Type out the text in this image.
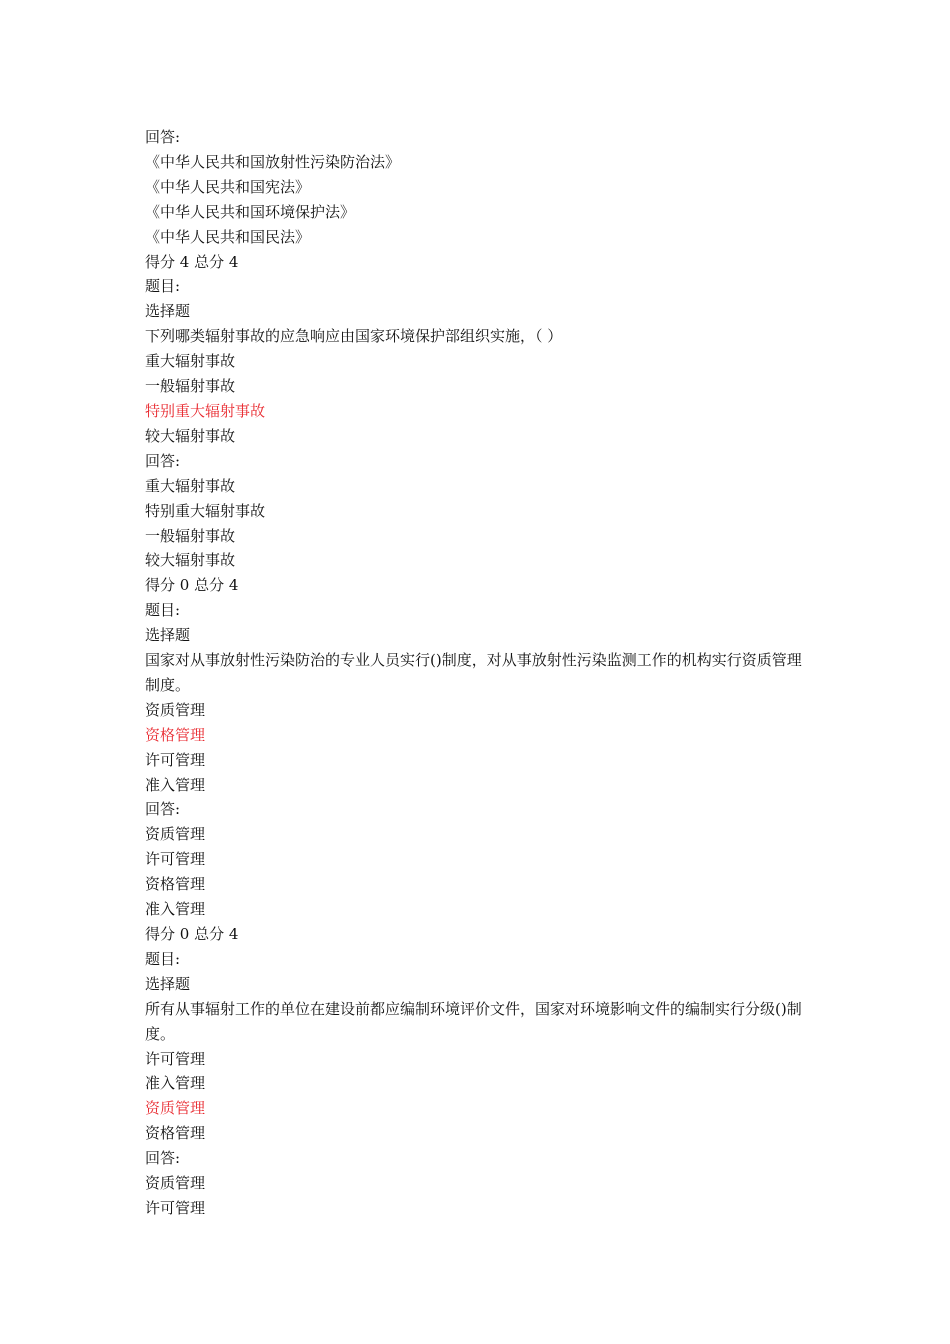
回答:

《中华人民共和国放射性污染防治法》

《中华人民共和国宪法》

《中华人民共和国环境保护法》

《中华人民共和国民法》

得分 4 总分 4

题目:

选择题

下列哪类辐射事故的应急响应由国家环境保护部组织实施，（ ）

重大辐射事故

一般辐射事故

特别重大辐射事故

较大辐射事故

回答:

重大辐射事故

特别重大辐射事故

一般辐射事故

较大辐射事故

得分 0 总分 4

题目:

选择题

国家对从事放射性污染防治的专业人员实行()制度，对从事放射性污染监测工作的机构实行资质管理制度。

资质管理

资格管理

许可管理

准入管理

回答:

资质管理

许可管理

资格管理

准入管理

得分 0 总分 4

题目:

选择题

所有从事辐射工作的单位在建设前都应编制环境评价文件，国家对环境影响文件的编制实行分级()制度。

许可管理

准入管理

资质管理

资格管理

回答:

资质管理

许可管理
